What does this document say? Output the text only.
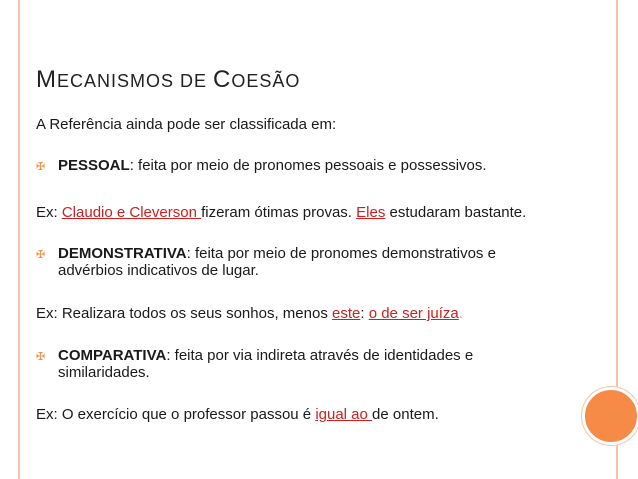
MECANISMOS DE COESÃO

A Referência ainda pode ser classificada em:

✠ PESSOAL: feita por meio de pronomes pessoais e possessivos.

Ex: Claudio e Cleverson fizeram ótimas provas. Eles estudaram bastante.

✠ DEMONSTRATIVA: feita por meio de pronomes demonstrativos e

advérbios indicativos de lugar.

Ex: Realizara todos os seus sonhos, menos este: o de ser juíza.

✠ COMPARATIVA: feita por via indireta através de identidades e

similaridades.

Ex: O exercício que o professor passou é igual ao de ontem.
